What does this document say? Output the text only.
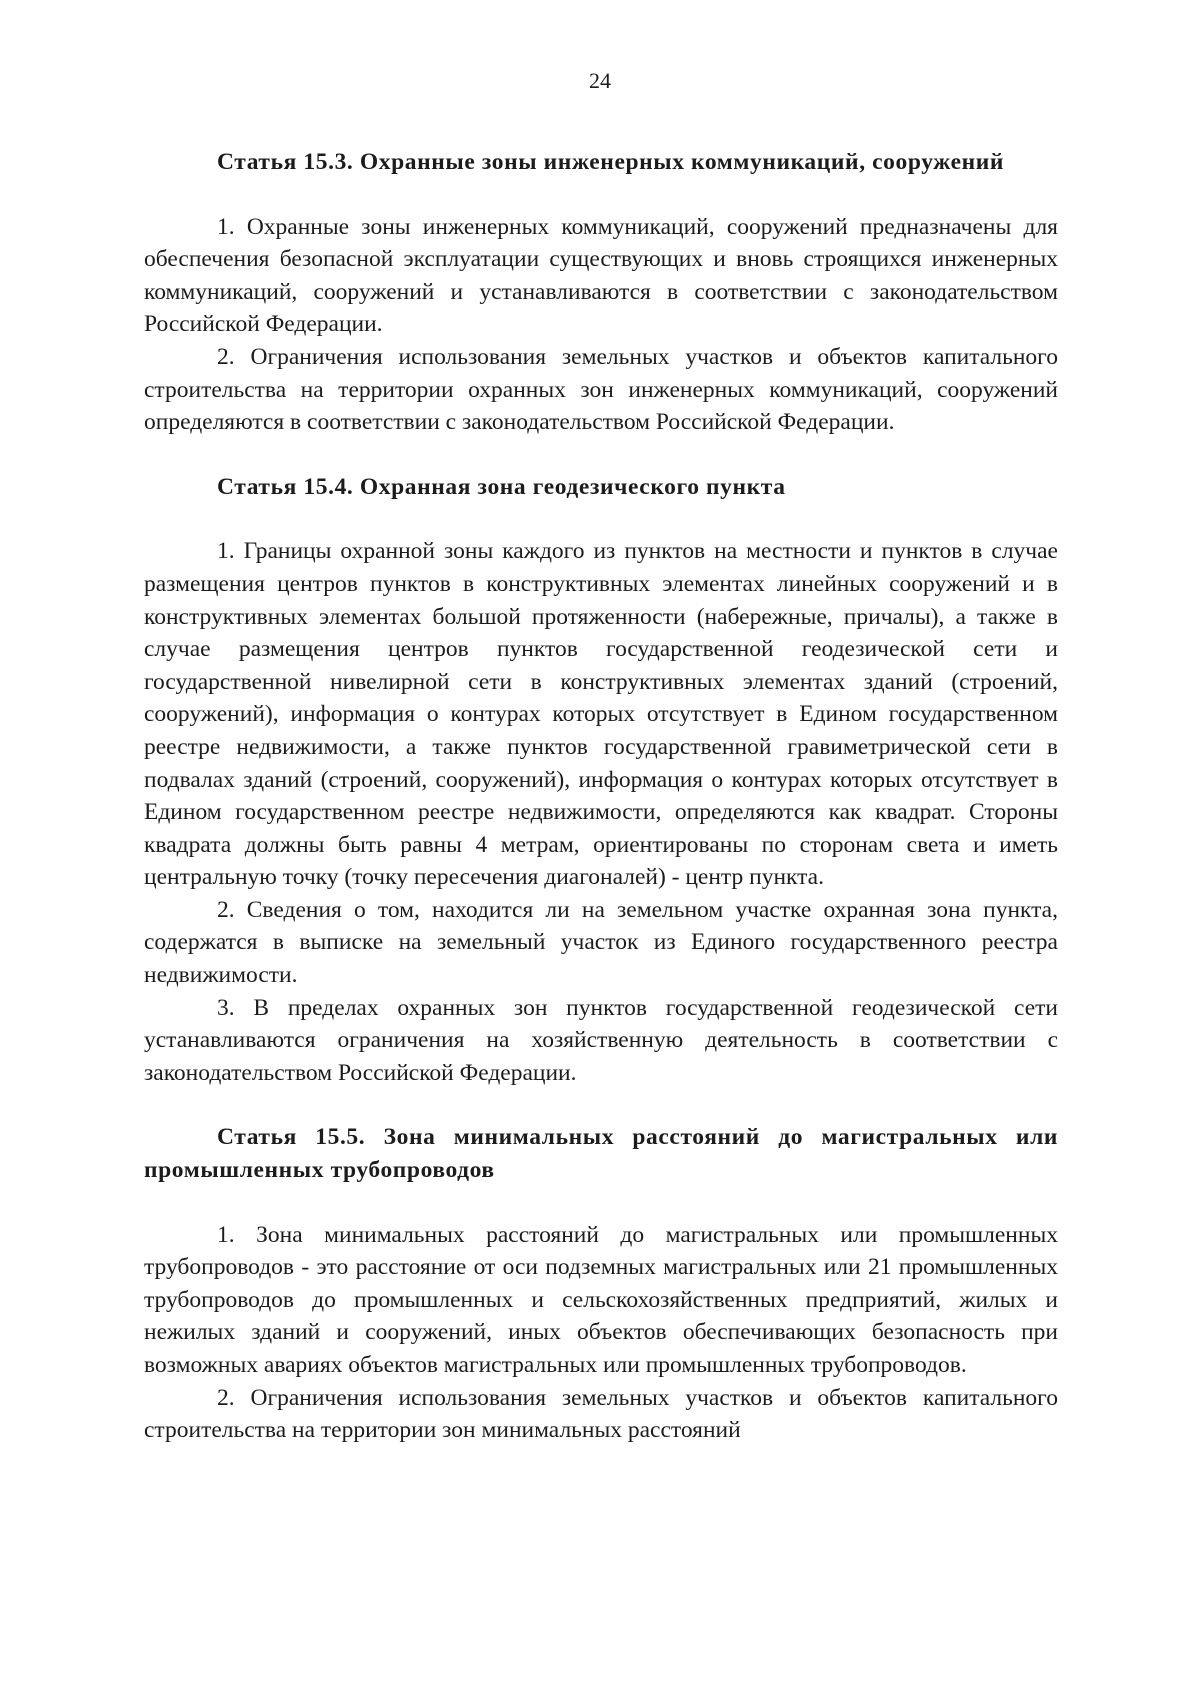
24

Статья 15.3. Охранные зоны инженерных коммуникаций, сооружений

1. Охранные зоны инженерных коммуникаций, сооружений предназначены для обеспечения безопасной эксплуатации существующих и вновь строящихся инженерных коммуникаций, сооружений и устанавливаются в соответствии с законодательством Российской Федерации.

2. Ограничения использования земельных участков и объектов капитального строительства на территории охранных зон инженерных коммуникаций, сооружений определяются в соответствии с законодательством Российской Федерации.

Статья 15.4. Охранная зона геодезического пункта

1. Границы охранной зоны каждого из пунктов на местности и пунктов в случае размещения центров пунктов в конструктивных элементах линейных сооружений и в конструктивных элементах большой протяженности (набережные, причалы), а также в случае размещения центров пунктов государственной геодезической сети и государственной нивелирной сети в конструктивных элементах зданий (строений, сооружений), информация о контурах которых отсутствует в Едином государственном реестре недвижимости, а также пунктов государственной гравиметрической сети в подвалах зданий (строений, сооружений), информация о контурах которых отсутствует в Едином государственном реестре недвижимости, определяются как квадрат. Стороны квадрата должны быть равны 4 метрам, ориентированы по сторонам света и иметь центральную точку (точку пересечения диагоналей) - центр пункта.

2. Сведения о том, находится ли на земельном участке охранная зона пункта, содержатся в выписке на земельный участок из Единого государственного реестра недвижимости.

3. В пределах охранных зон пунктов государственной геодезической сети устанавливаются ограничения на хозяйственную деятельность в соответствии с законодательством Российской Федерации.

Статья 15.5. Зона минимальных расстояний до магистральных или промышленных трубопроводов

1. Зона минимальных расстояний до магистральных или промышленных трубопроводов - это расстояние от оси подземных магистральных или 21 промышленных трубопроводов до промышленных и сельскохозяйственных предприятий, жилых и нежилых зданий и сооружений, иных объектов обеспечивающих безопасность при возможных авариях объектов магистральных или промышленных трубопроводов.

2. Ограничения использования земельных участков и объектов капитального строительства на территории зон минимальных расстояний
